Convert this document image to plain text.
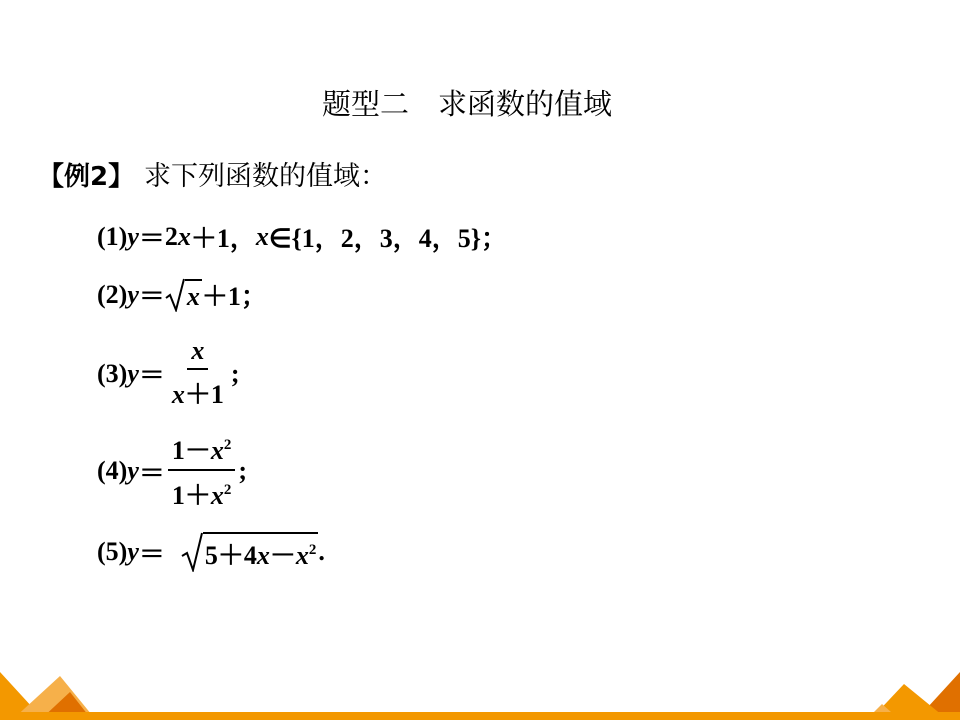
题型二　求函数的值域
【例2】 求下列函数的值域：
(1) y ＝ 2 x ＋1， x ∈{1，2，3，4，5}；
(2) y ＝ x ＋1；
(3) $y = \frac{x}{x+1}$ ;
(4) $y = \frac{1-x^2}{1+x^2}$ ;
(5) $y = 5+4x-x^2$ .
